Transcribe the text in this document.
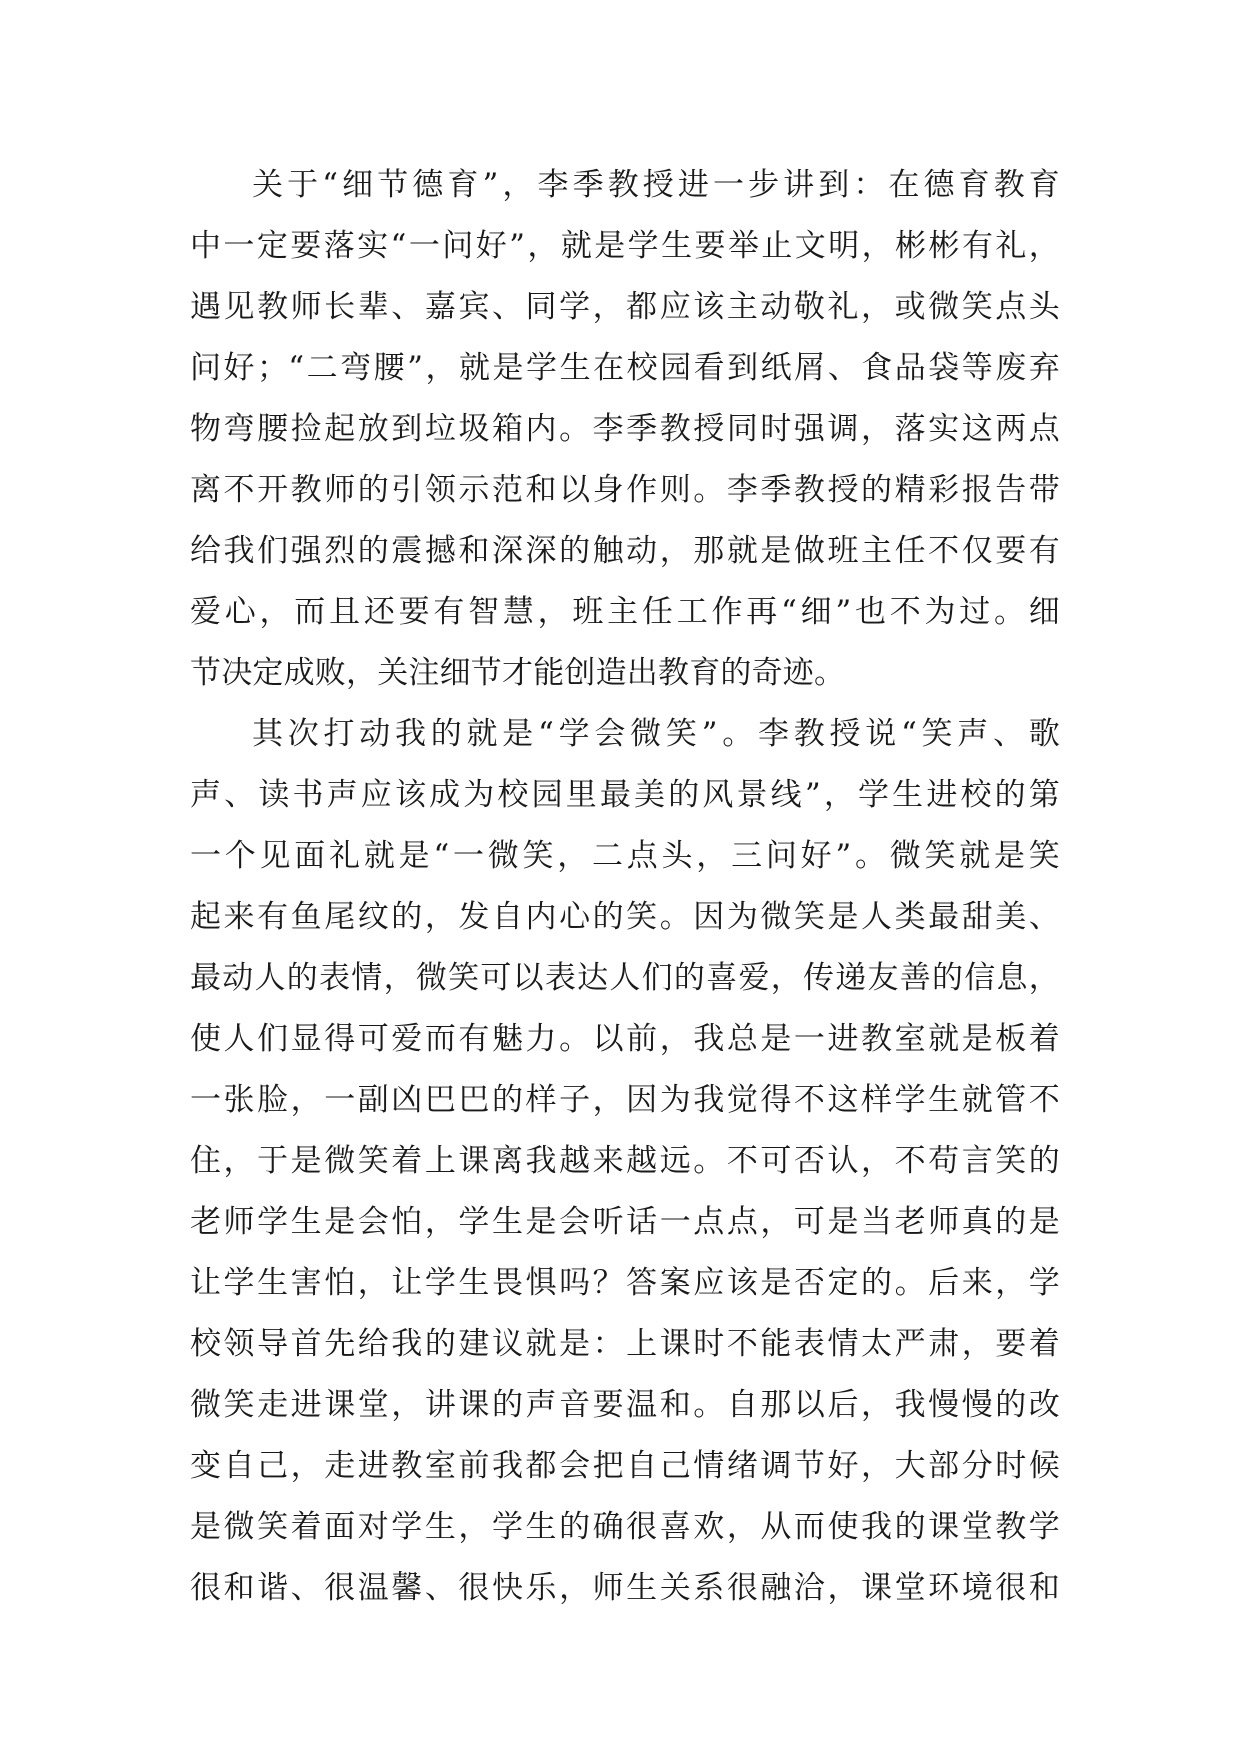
关于“细节德育”，李季教授进一步讲到：在德育教育
中一定要落实“一问好”，就是学生要举止文明，彬彬有礼，
遇见教师长辈、嘉宾、同学，都应该主动敬礼，或微笑点头
问好；“二弯腰”，就是学生在校园看到纸屑、食品袋等废弃
物弯腰捡起放到垃圾箱内。李季教授同时强调，落实这两点
离不开教师的引领示范和以身作则。李季教授的精彩报告带
给我们强烈的震撼和深深的触动，那就是做班主任不仅要有
爱心，而且还要有智慧，班主任工作再“细”也不为过。细
节决定成败，关注细节才能创造出教育的奇迹。
其次打动我的就是“学会微笑”。李教授说“笑声、歌
声、读书声应该成为校园里最美的风景线”，学生进校的第
一个见面礼就是“一微笑，二点头，三问好”。微笑就是笑
起来有鱼尾纹的，发自内心的笑。因为微笑是人类最甜美、
最动人的表情，微笑可以表达人们的喜爱，传递友善的信息，
使人们显得可爱而有魅力。以前，我总是一进教室就是板着
一张脸，一副凶巴巴的样子，因为我觉得不这样学生就管不
住，于是微笑着上课离我越来越远。不可否认，不苟言笑的
老师学生是会怕，学生是会听话一点点，可是当老师真的是
让学生害怕，让学生畏惧吗？答案应该是否定的。后来，学
校领导首先给我的建议就是：上课时不能表情太严肃，要着
微笑走进课堂，讲课的声音要温和。自那以后，我慢慢的改
变自己，走进教室前我都会把自己情绪调节好，大部分时候
是微笑着面对学生，学生的确很喜欢，从而使我的课堂教学
很和谐、很温馨、很快乐，师生关系很融洽，课堂环境很和
